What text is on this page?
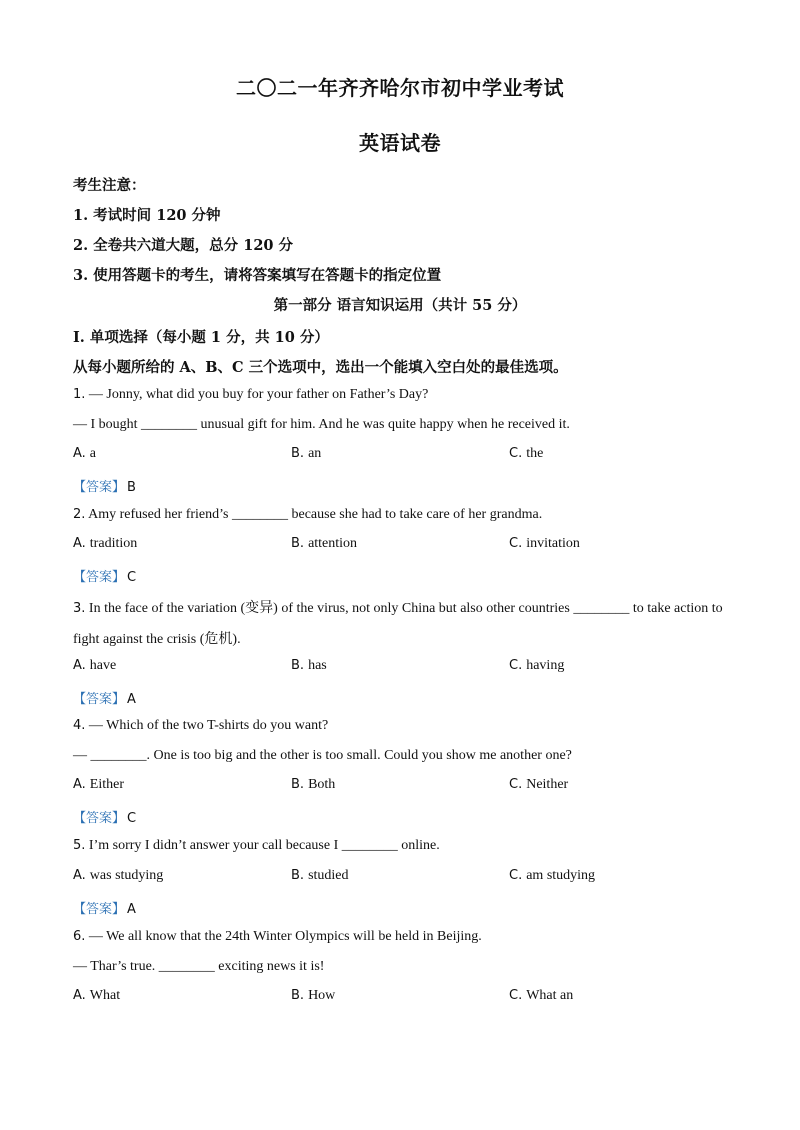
二〇二一年齐齐哈尔市初中学业考试
英语试卷
考生注意：
1. 考试时间 120 分钟
2. 全卷共六道大题，总分 120 分
3. 使用答题卡的考生，请将答案填写在答题卡的指定位置
第一部分 语言知识运用（共计 55 分）
Ⅰ. 单项选择（每小题 1 分，共 10 分）
从每小题所给的 A、B、C 三个选项中，选出一个能填入空白处的最佳选项。
1. — Jonny, what did you buy for your father on Father’s Day?
— I bought ________ unusual gift for him. And he was quite happy when he received it.
A. a	B. an	C. the
【答案】 B
2. Amy refused her friend’s ________ because she had to take care of her grandma.
A. tradition	B. attention	C. invitation
【答案】 C
3. In the face of the variation (变异) of the virus, not only China but also other countries ________ to take action to
fight against the crisis (危机).
A. have	B. has	C. having
【答案】 A
4. — Which of the two T-shirts do you want?
— ________. One is too big and the other is too small. Could you show me another one?
A. Either	B. Both	C. Neither
【答案】 C
5. I’m sorry I didn’t answer your call because I ________ online.
A. was studying	B. studied	C. am studying
【答案】 A
6. — We all know that the 24th Winter Olympics will be held in Beijing.
— Thar’s true. ________ exciting news it is!
A. What	B. How	C. What an
